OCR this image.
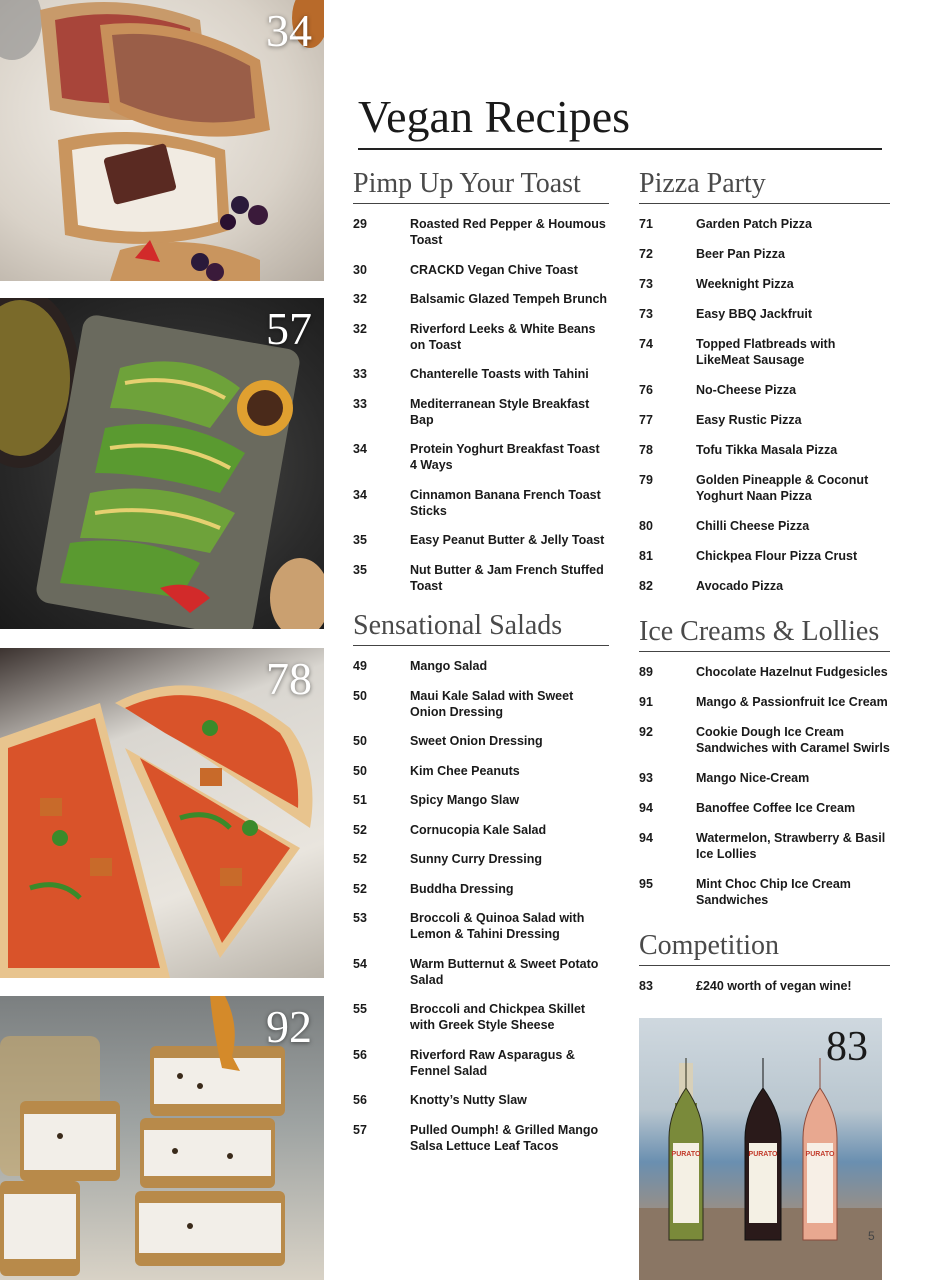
34
57
78
92
Vegan Recipes
Pimp Up Your Toast
29	Roasted Red Pepper & Houmous Toast
30	CRACKD Vegan Chive Toast
32	Balsamic Glazed Tempeh Brunch
32	Riverford Leeks & White Beans on Toast
33	Chanterelle Toasts with Tahini
33	Mediterranean Style Breakfast Bap
34	Protein Yoghurt Breakfast Toast 4 Ways
34	Cinnamon Banana French Toast Sticks
35	Easy Peanut Butter & Jelly Toast
35	Nut Butter & Jam French Stuffed Toast
Sensational Salads
49	Mango Salad
50	Maui Kale Salad with Sweet Onion Dressing
50	Sweet Onion Dressing
50	Kim Chee Peanuts
51	Spicy Mango Slaw
52	Cornucopia Kale Salad
52	Sunny Curry Dressing
52	Buddha Dressing
53	Broccoli & Quinoa Salad with Lemon & Tahini Dressing
54	Warm Butternut & Sweet Potato Salad
55	Broccoli and Chickpea Skillet with Greek Style Sheese
56	Riverford Raw Asparagus & Fennel Salad
56	Knotty’s Nutty Slaw
57	Pulled Oumph! & Grilled Mango Salsa Lettuce Leaf Tacos
Pizza Party
71	Garden Patch Pizza
72	Beer Pan Pizza
73	Weeknight Pizza
73	Easy BBQ Jackfruit
74	Topped Flatbreads with LikeMeat Sausage
76	No-Cheese Pizza
77	Easy Rustic Pizza
78	Tofu Tikka Masala Pizza
79	Golden Pineapple & Coconut Yoghurt Naan Pizza
80	Chilli Cheese Pizza
81	Chickpea Flour Pizza Crust
82	Avocado Pizza
Ice Creams & Lollies
89	Chocolate Hazelnut Fudgesicles
91	Mango & Passionfruit Ice Cream
92	Cookie Dough Ice Cream Sandwiches with Caramel Swirls
93	Mango Nice-Cream
94	Banoffee Coffee Ice Cream
94	Watermelon, Strawberry & Basil Ice Lollies
95	Mint Choc Chip Ice Cream Sandwiches
Competition
83	£240 worth of vegan wine!
PURATO	PURATO	PURATO
83
5
